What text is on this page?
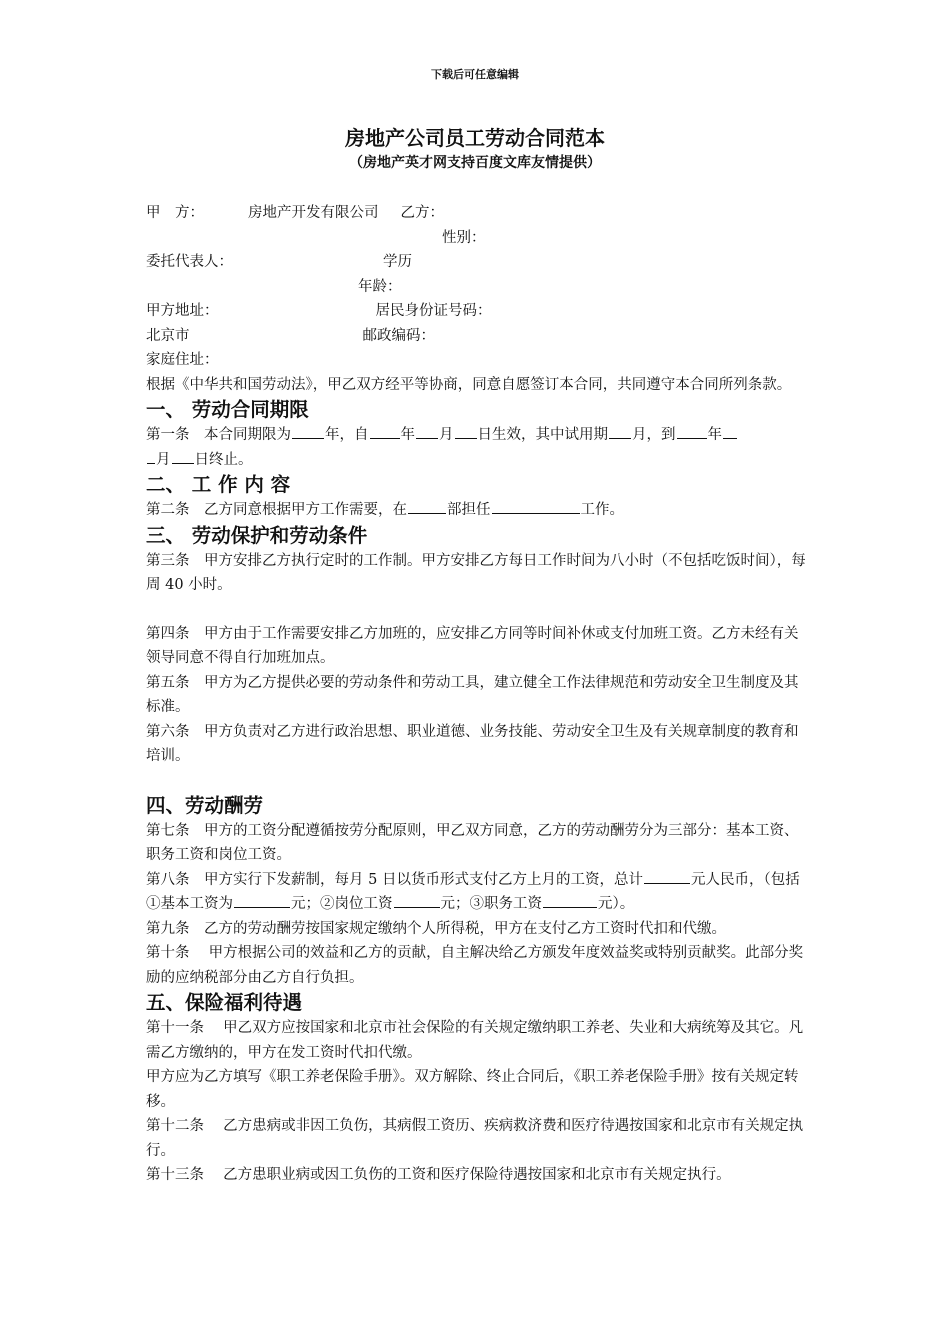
下载后可任意编辑
房地产公司员工劳动合同范本
（房地产英才网支持百度文库友情提供）
甲　方：	房地产开发有限公司 乙方：
性别：
委托代表人：	学历
年龄：
甲方地址：	居民身份证号码：
北京市	邮政编码：
家庭住址：
根据《中华共和国劳动法》，甲乙双方经平等协商，同意自愿签订本合同，共同遵守本合同所列条款。
一、 劳动合同期限
第一条　本合同期限为 年，自 年 月 日生效，其中试用期 月，到 年
月 日终止。
二、 工 作 内 容
第二条　乙方同意根据甲方工作需要，在	部担任	工作。
三、 劳动保护和劳动条件
第三条　甲方安排乙方执行定时的工作制。甲方安排乙方每日工作时间为八小时（不包括吃饭时间），每周 40 小时。
第四条　甲方由于工作需要安排乙方加班的，应安排乙方同等时间补休或支付加班工资。乙方未经有关领导同意不得自行加班加点。
第五条　甲方为乙方提供必要的劳动条件和劳动工具，建立健全工作法律规范和劳动安全卫生制度及其标准。
第六条　甲方负责对乙方进行政治思想、职业道德、业务技能、劳动安全卫生及有关规章制度的教育和培训。
四、劳动酬劳
第七条　甲方的工资分配遵循按劳分配原则，甲乙双方同意，乙方的劳动酬劳分为三部分：基本工资、职务工资和岗位工资。
第八条　甲方实行下发薪制，每月 5 日以货币形式支付乙方上月的工资，总计	元人民币，（包括①基本工资为	元；②岗位工资	元；③职务工资	元）。
第九条　乙方的劳动酬劳按国家规定缴纳个人所得税，甲方在支付乙方工资时代扣和代缴。
第十条　 甲方根据公司的效益和乙方的贡献，自主解决给乙方颁发年度效益奖或特别贡献奖。此部分奖励的应纳税部分由乙方自行负担。
五、保险福利待遇
第十一条　 甲乙双方应按国家和北京市社会保险的有关规定缴纳职工养老、失业和大病统筹及其它。凡需乙方缴纳的，甲方在发工资时代扣代缴。
甲方应为乙方填写《职工养老保险手册》。双方解除、终止合同后，《职工养老保险手册》按有关规定转移。
第十二条　 乙方患病或非因工负伤，其病假工资历、疾病救济费和医疗待遇按国家和北京市有关规定执行。
第十三条　 乙方患职业病或因工负伤的工资和医疗保险待遇按国家和北京市有关规定执行。
